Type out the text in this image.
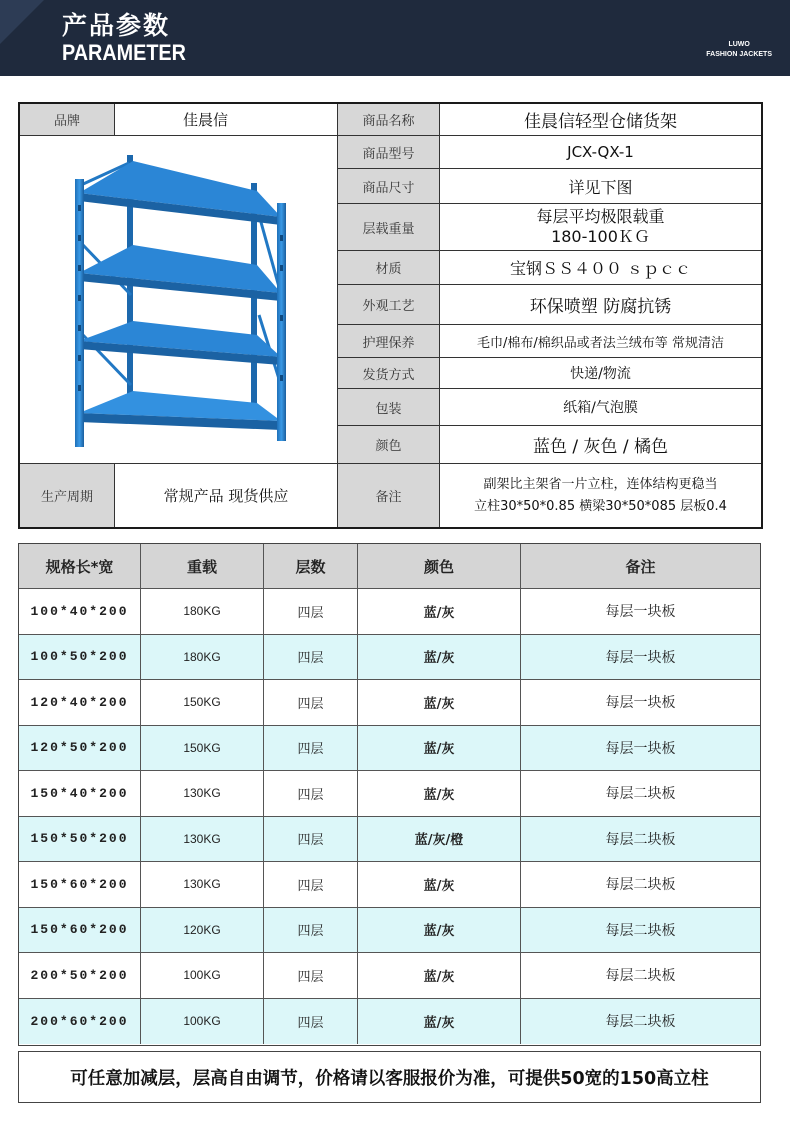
产品参数
PARAMETER	LUWO
FASHION JACKETS
品牌	佳晨信	商品名称	佳晨信轻型仓储货架
商品型号	JCX-QX-1
商品尺寸	详见下图
层载重量
每层平均极限载重
180-100ＫＧ
材质	宝钢ＳＳ４００ ｓｐｃｃ
外观工艺	环保喷塑 防腐抗锈
护理保养	毛巾/棉布/棉织品或者法兰绒布等 常规清洁
发货方式	快递/物流
包装	纸箱/气泡膜
颜色	蓝色 / 灰色 / 橘色
生产周期	常规产品 现货供应	备注
副架比主架省一片立柱，连体结构更稳当
立柱30*50*0.85 横梁30*50*085 层板0.4
规格长*宽	重载	层数	颜色	备注
100*40*200	180KG	四层	蓝/灰	每层一块板
100*50*200	180KG	四层	蓝/灰	每层一块板
120*40*200	150KG	四层	蓝/灰	每层一块板
120*50*200	150KG	四层	蓝/灰	每层一块板
150*40*200	130KG	四层	蓝/灰	每层二块板
150*50*200	130KG	四层	蓝/灰/橙	每层二块板
150*60*200	130KG	四层	蓝/灰	每层二块板
150*60*200	120KG	四层	蓝/灰	每层二块板
200*50*200	100KG	四层	蓝/灰	每层二块板
200*60*200	100KG	四层	蓝/灰	每层二块板
可任意加减层，层高自由调节，价格请以客服报价为准，可提供50宽的150高立柱
